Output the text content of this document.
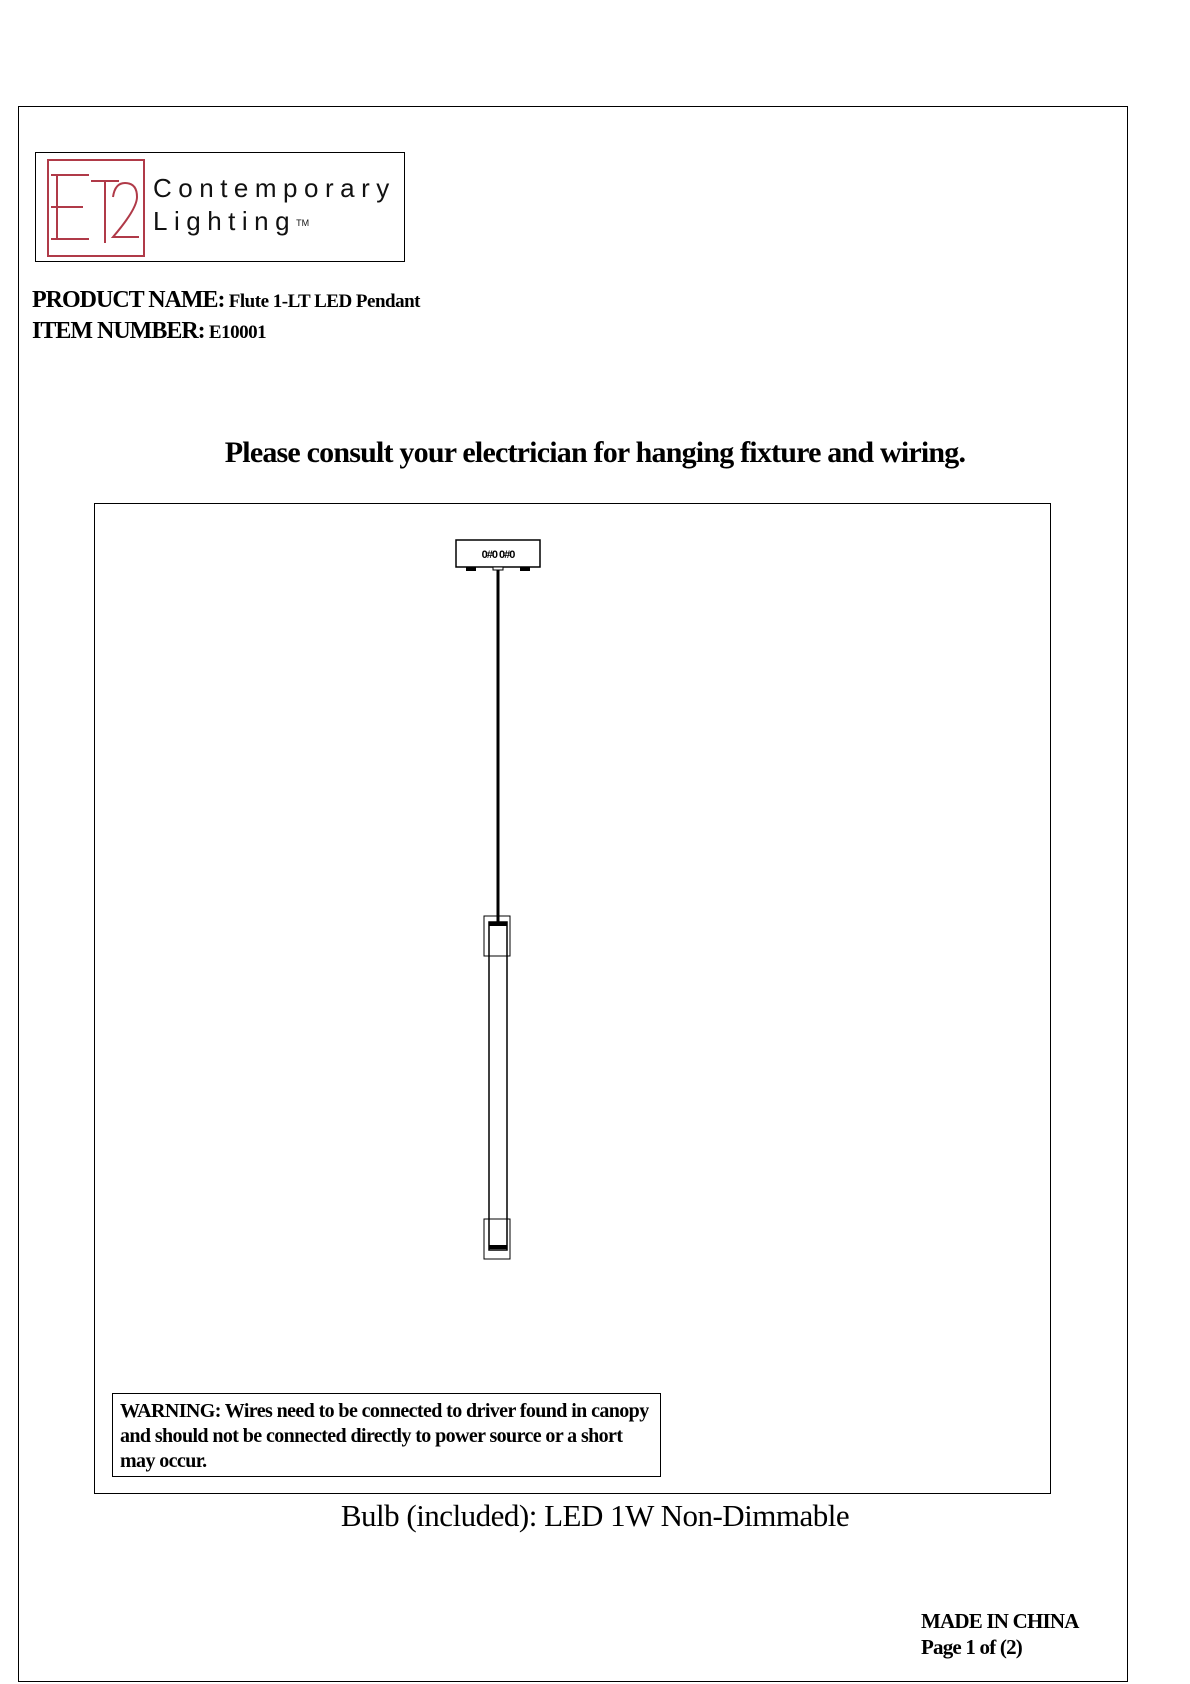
Contemporary
Lighting™
PRODUCT NAME: Flute 1-LT LED Pendant
ITEM NUMBER: E10001
Please consult your electrician for hanging fixture and wiring.
0#0 0#0
WARNING: Wires need to be connected to driver found in canopy and should not be connected directly to power source or a short may occur.
Bulb (included): LED 1W Non-Dimmable
MADE IN CHINA
Page 1 of (2)
